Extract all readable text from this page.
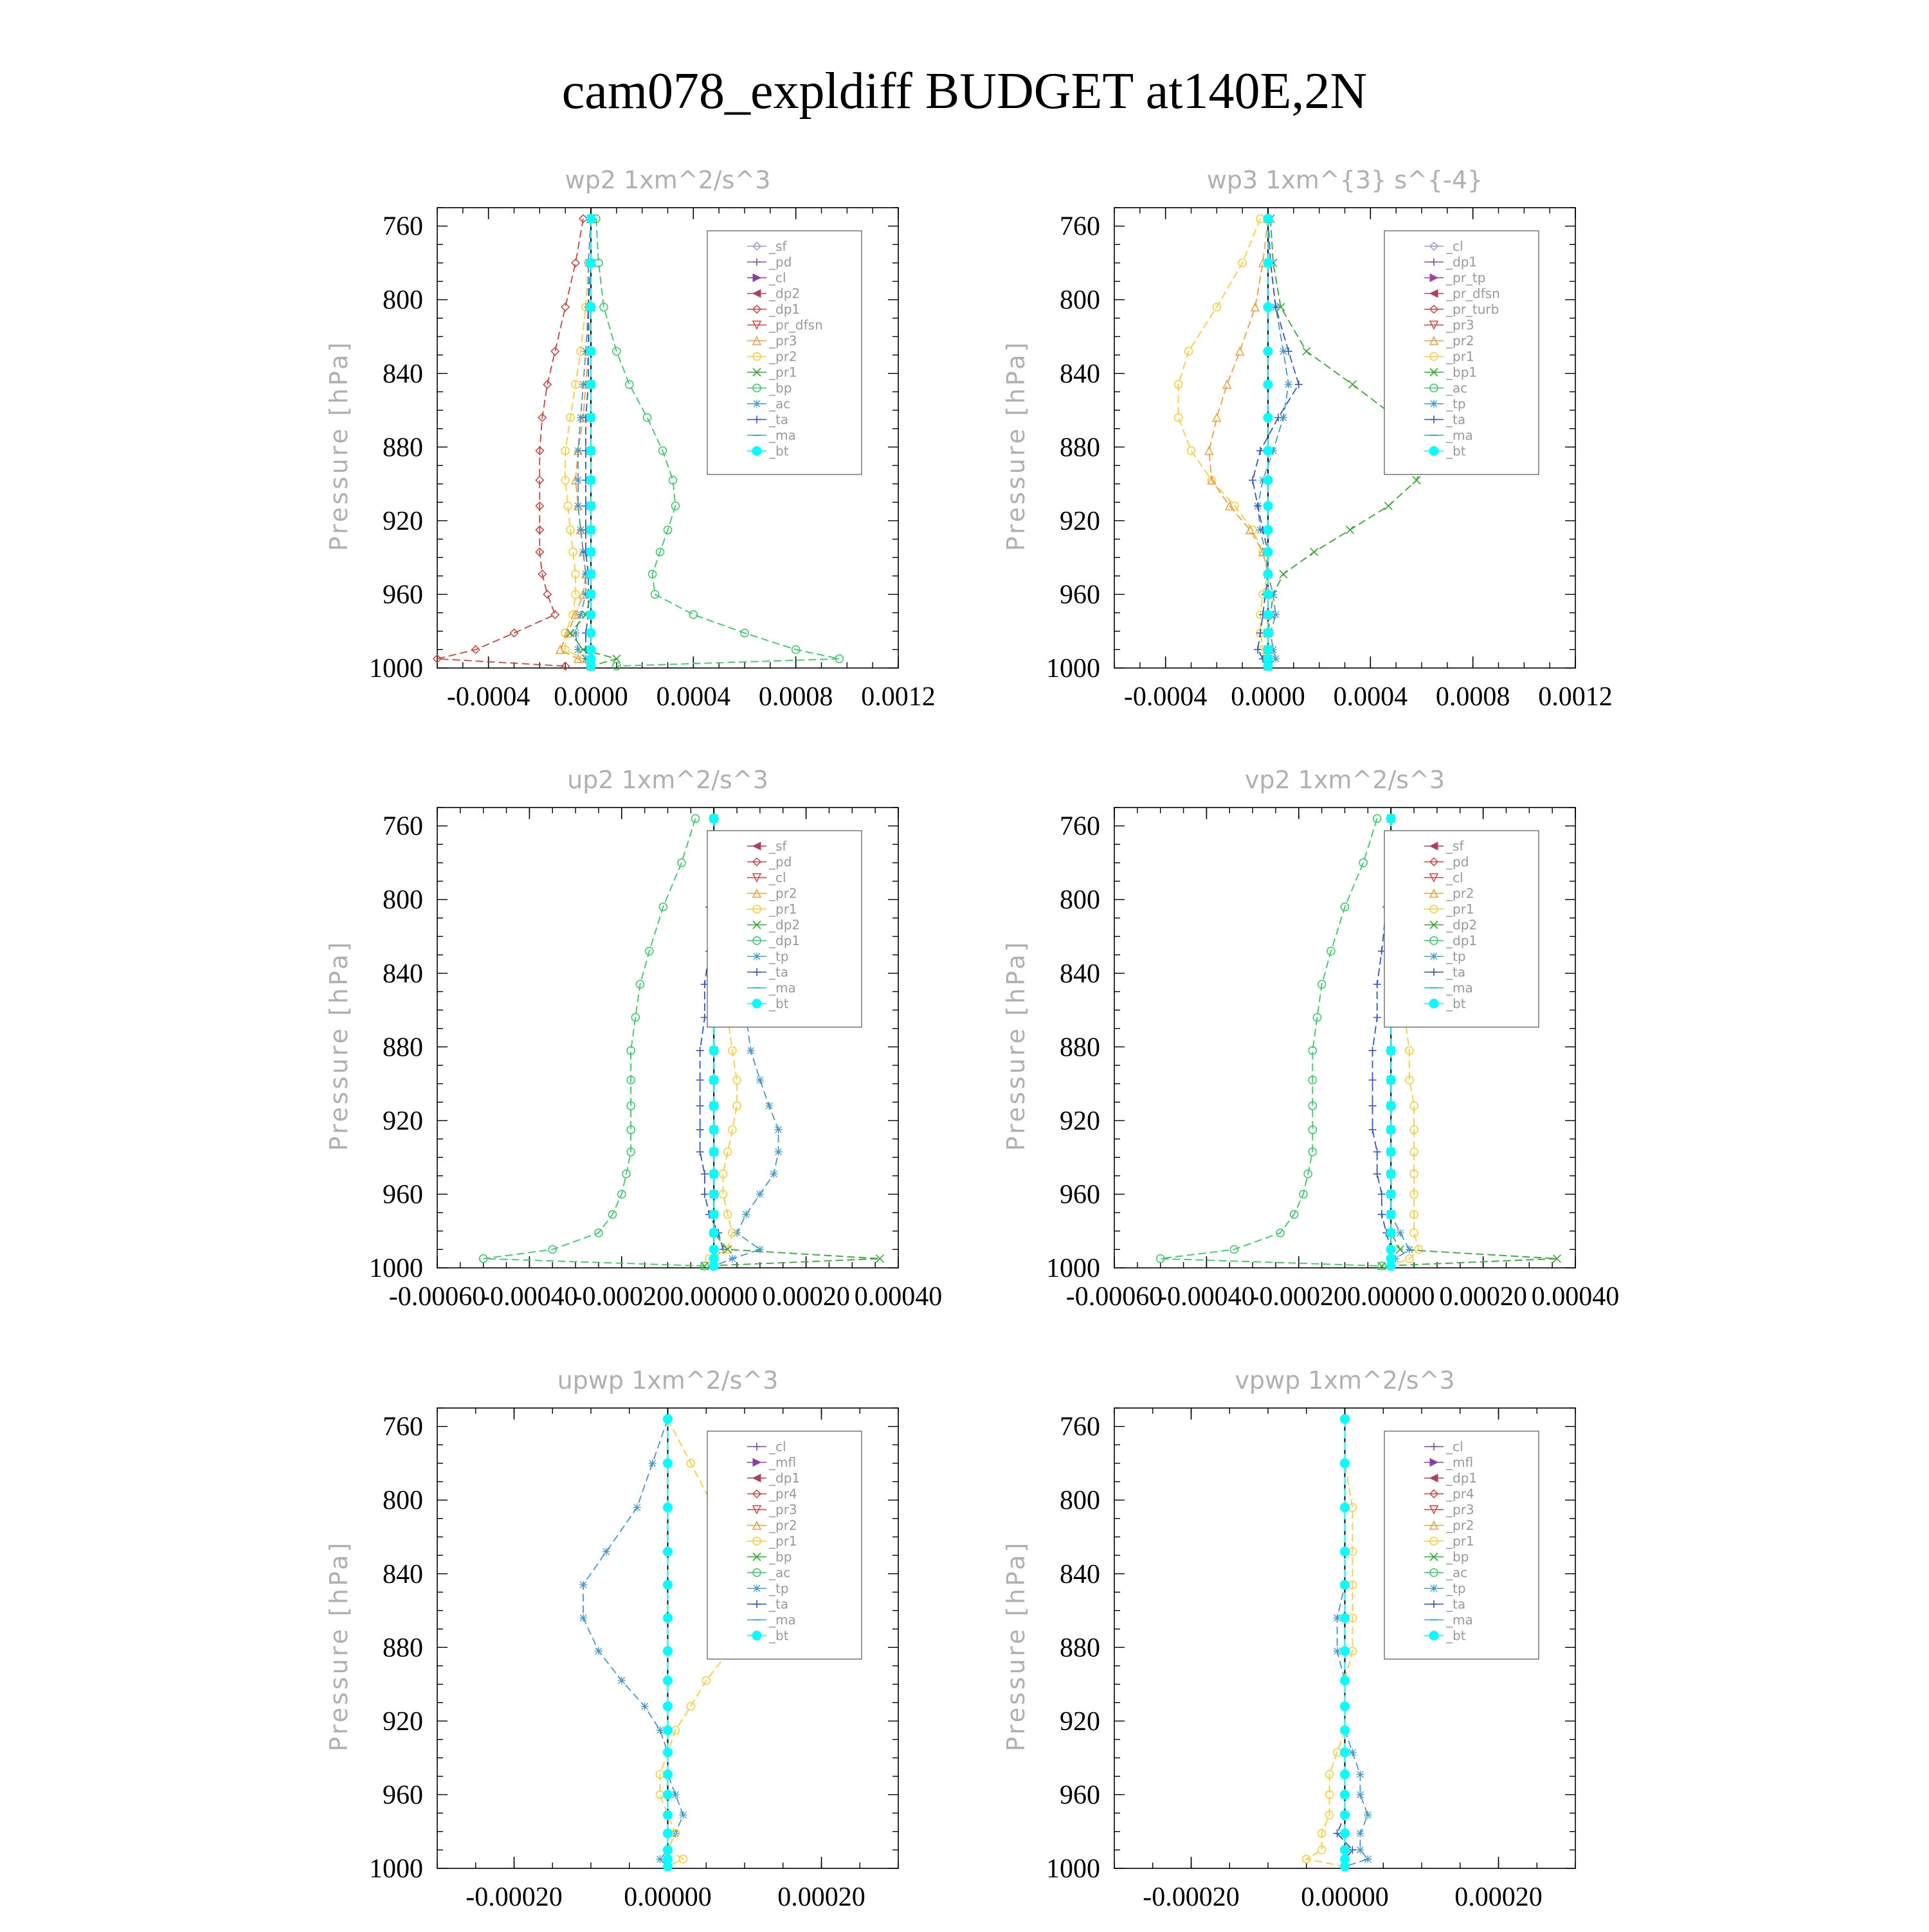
cam078_expldiff BUDGET at140E,2N
wp2 1xm^2/s^3
Pressure [hPa]
760
800
840
880
920
960
1000
-0.0004 0.0000 0.0004 0.0008 0.0012
_sf
_pd
_cl
_dp2
_dp1
_pr_dfsn
_pr3
_pr2
_pr1
_bp
_ac
_ta
_ma
_bt
wp3 1xm^{3} s^{-4}
Pressure [hPa]
760
800
840
880
920
960
1000
-0.0004 0.0000 0.0004 0.0008 0.0012
_cl
_dp1
_pr_tp
_pr_dfsn
_pr_turb
_pr3
_pr2
_pr1
_bp1
_ac
_tp
_ta
_ma
_bt
up2 1xm^2/s^3
Pressure [hPa]
760
800
840
880
920
960
1000
-0.00060
-0.00040
-0.00020 0.00000 0.00020 0.00040
_sf
_pd
_cl
_pr2
_pr1
_dp2
_dp1
_tp
_ta
_ma
_bt
vp2 1xm^2/s^3
Pressure [hPa]
760
800
840
880
920
960
1000
-0.00060
-0.00040
-0.00020 0.00000 0.00020 0.00040
_sf
_pd
_cl
_pr2
_pr1
_dp2
_dp1
_tp
_ta
_ma
_bt
upwp 1xm^2/s^3
Pressure [hPa]
760
800
840
880
920
960
1000
-0.00020 0.00000 0.00020
_cl
_mfl
_dp1
_pr4
_pr3
_pr2
_pr1
_bp
_ac
_tp
_ta
_ma
_bt
vpwp 1xm^2/s^3
Pressure [hPa]
760
800
840
880
920
960
1000
-0.00020 0.00000 0.00020
_cl
_mfl
_dp1
_pr4
_pr3
_pr2
_pr1
_bp
_ac
_tp
_ta
_ma
_bt
